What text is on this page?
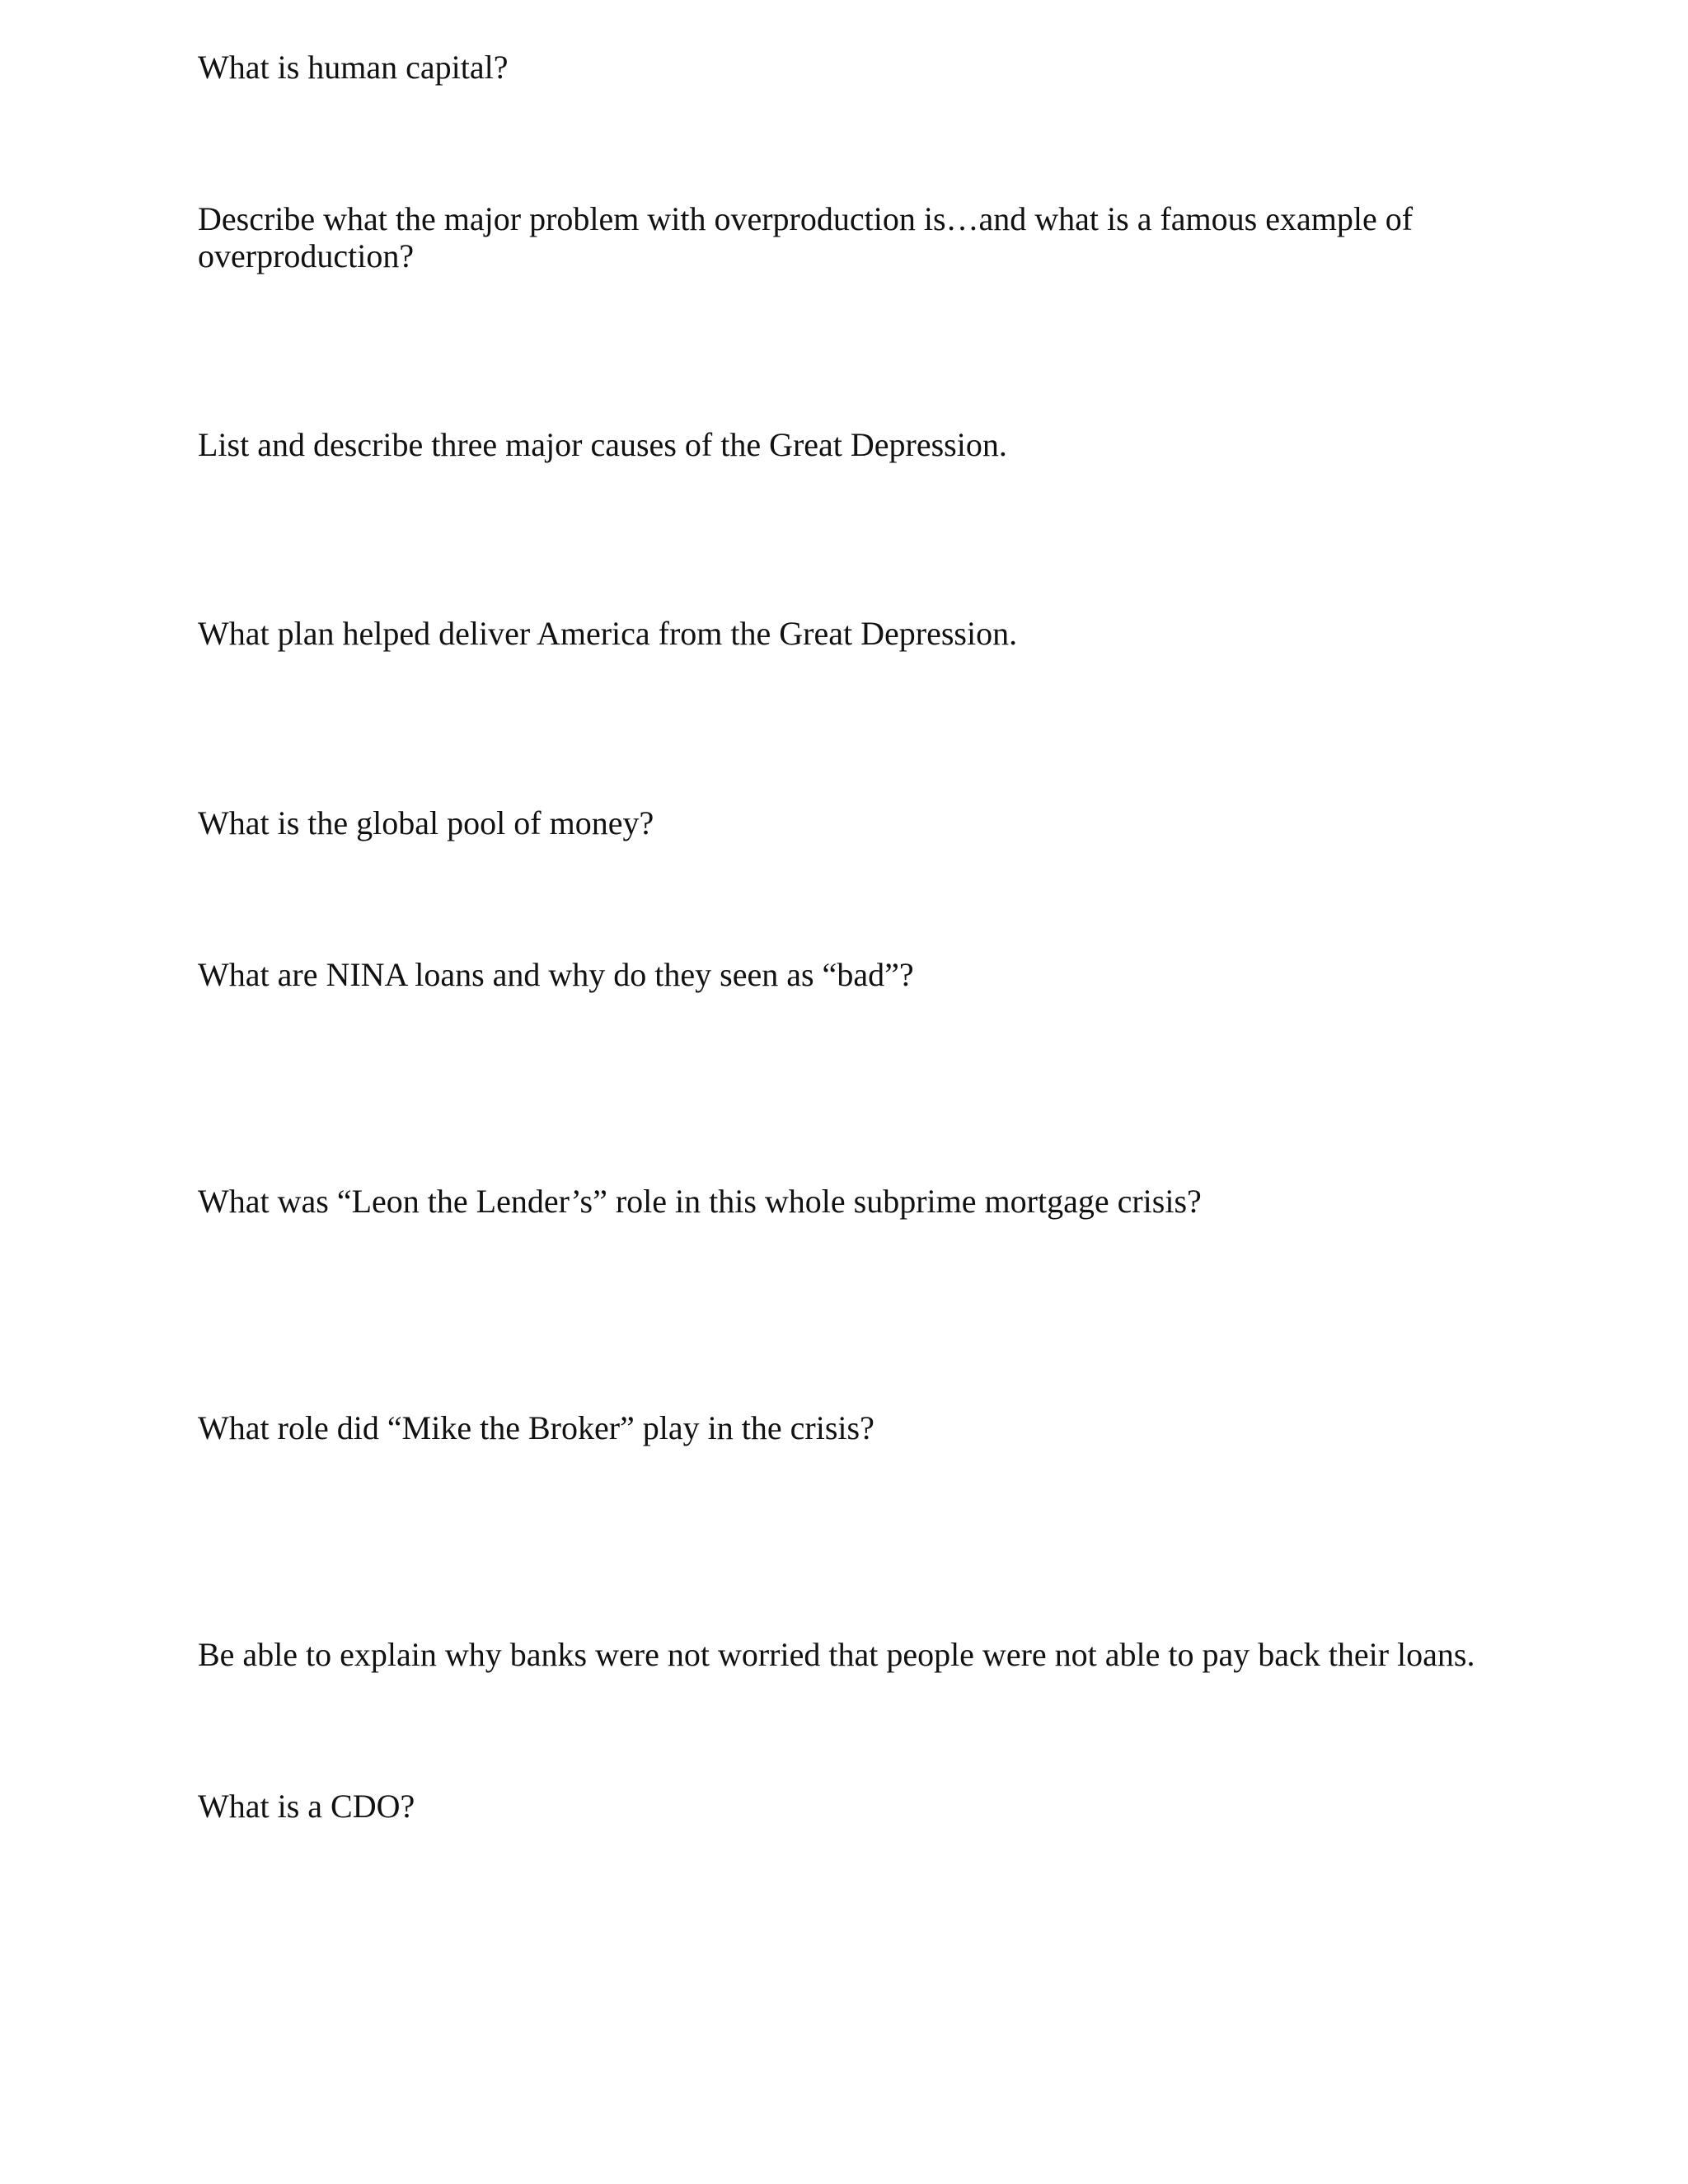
What is human capital?

Describe what the major problem with overproduction is…and what is a famous example of overproduction?

List and describe three major causes of the Great Depression.

What plan helped deliver America from the Great Depression.

What is the global pool of money?

What are NINA loans and why do they seen as “bad”?

What was “Leon the Lender’s” role in this whole subprime mortgage crisis?

What role did “Mike the Broker” play in the crisis?

Be able to explain why banks were not worried that people were not able to pay back their loans.

What is a CDO?
